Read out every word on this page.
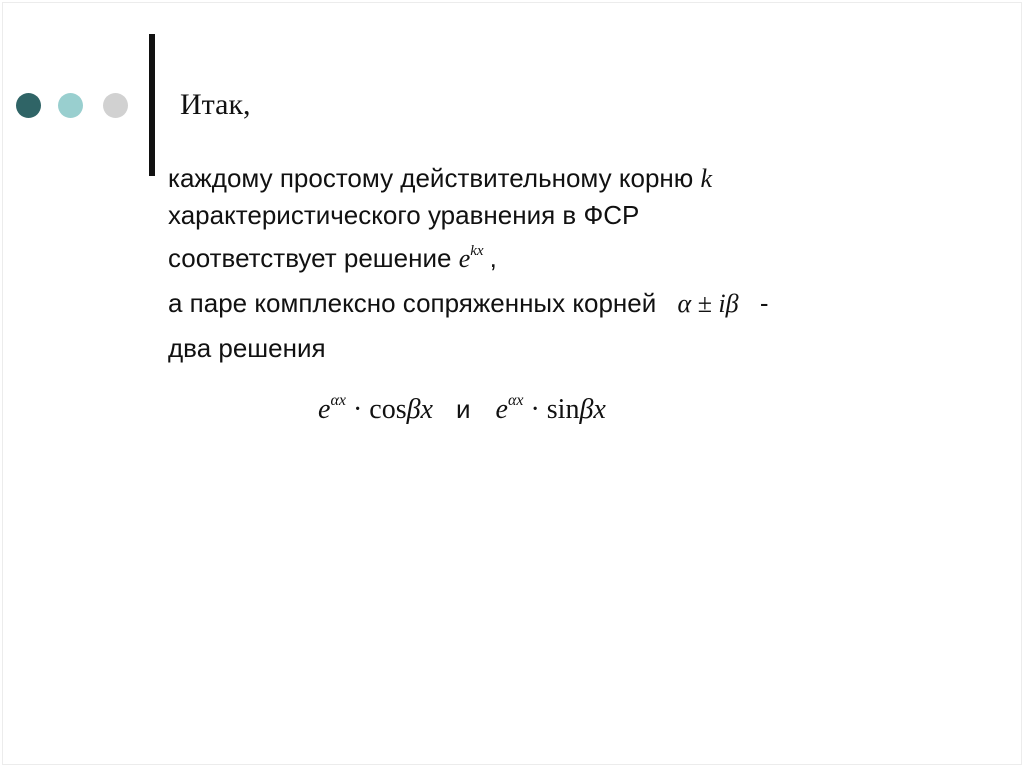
Итак,
каждому простому действительному корню k
характеристического уравнения в ФСР
соответствует решение $e^{kx}$ ,
а паре комплексно сопряженных корней α ± iβ -
два решения
$e^{\alpha x} \cdot \cos\beta x$ и $e^{\alpha x} \cdot \sin\beta x$
